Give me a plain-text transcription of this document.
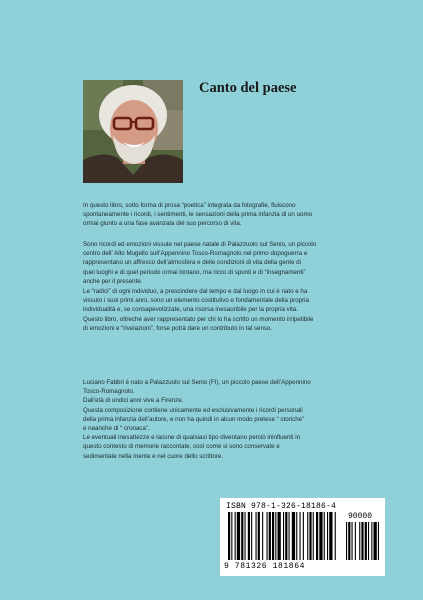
Canto del paese
In questo libro, sotto forma di prosa “poetica” integrata da fotografie, fluiscono
spontaneamente i ricordi, i sentimenti, le sensazioni della prima infanzia di un uomo
ormai giunto a una fase avanzata del suo percorso di vita.
Sono ricordi ed emozioni vissute nel paese natale di Palazzuolo sul Senio, un piccolo
centro dell’ Alto Mugello sull’Appennino Tosco-Romagnolo nel primo dopoguerra e
rappresentano un affresco dell’atmosfera e delle condizioni di vita della gente di
quei luoghi e di quel periodo ormai lontano, ma ricco di spunti e di “insegnamenti”
anche per il presente.
Le “radici” di ogni individuo, a prescindere dal tempo e dal luogo in cui è nato e ha
vissuto i suoi primi anni, sono un elemento costitutivo e fondamentale della propria
individualità e, se consapevolizzate, una risorsa inesauribile per la propria vita.
Questo libro, oltreché aver rappresentato per chi lo ha scritto un momento irripetibile
di emozioni e “rivelazioni”, forse potrà dare un contributo in tal senso.
Luciano Fabbri è nato a Palazzuolo sul Senio (FI), un piccolo paese dell’Appennino
Tosco-Romagnolo.
Dall’età di undici anni vive a Firenze.
Questa composizione contiene unicamente ed esclusivamente i ricordi personali
della prima infanzia dell’autore, e non ha quindi in alcun modo pretese “ storiche”
e neanche di “ cronaca”.
Le eventuali inesattezze e lacune di qualsiasi tipo diventano perciò ininfluenti in
questo contesto di memorie raccontate, così come si sono conservate e
sedimentate nella mente e nel cuore dello scrittore.
ISBN 978-1-326-18186-4
90000
9 781326 181864
